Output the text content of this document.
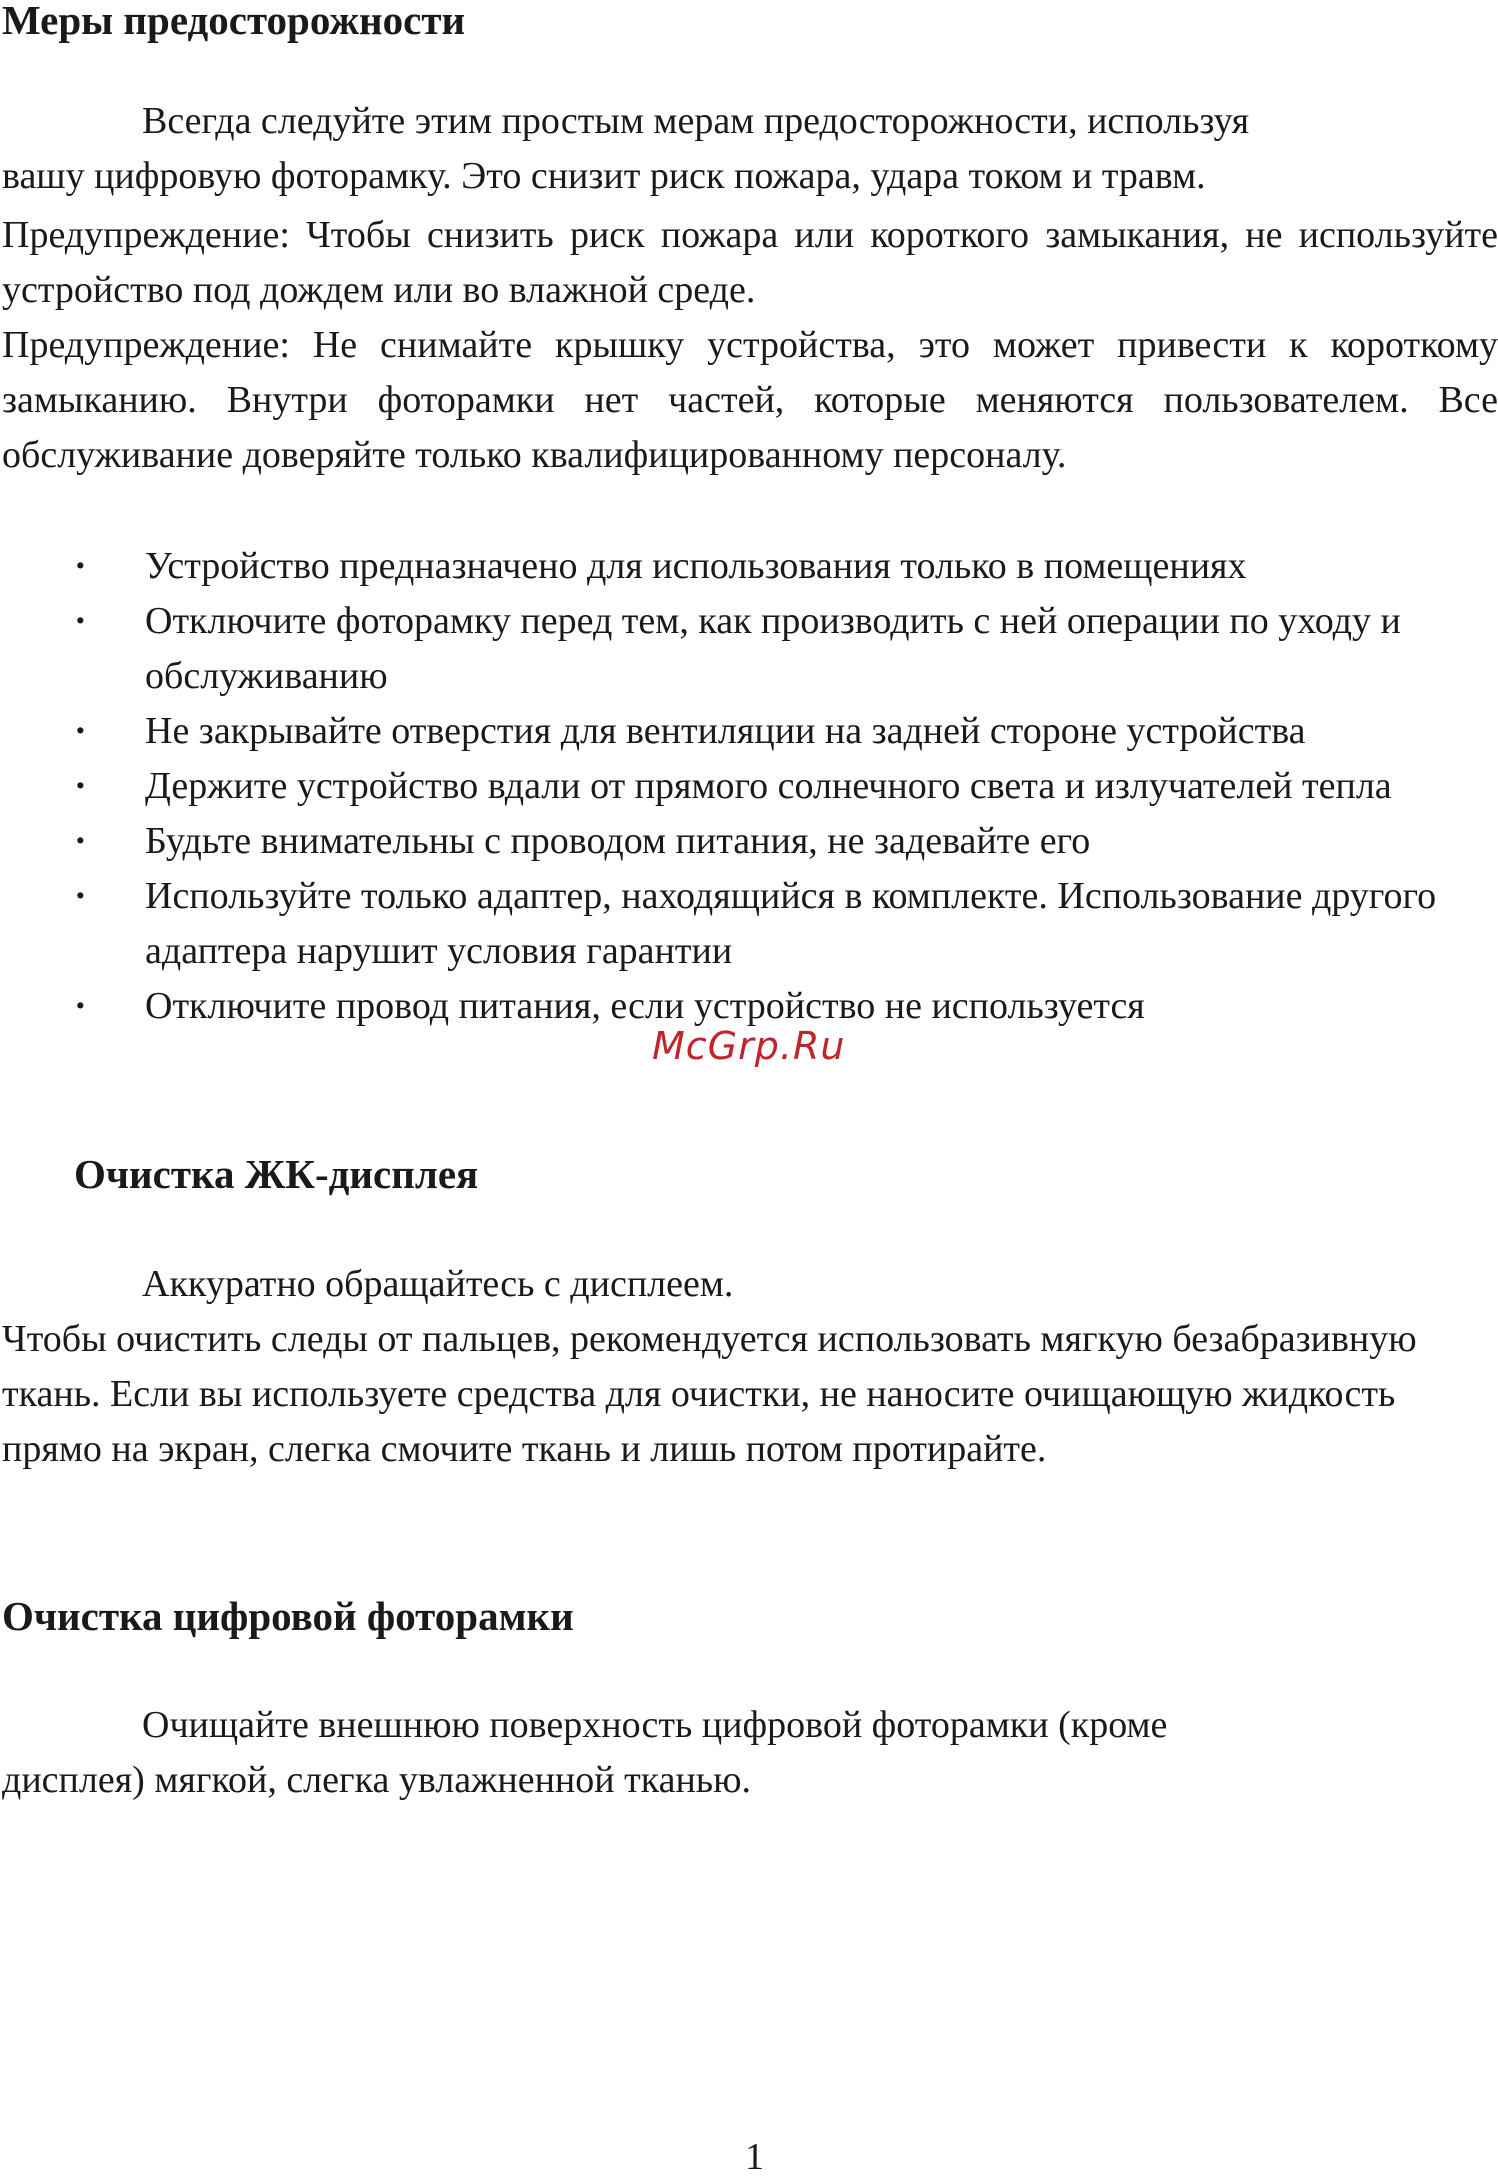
Меры предосторожности

Всегда следуйте этим простым мерам предосторожности, используя
вашу цифровую фоторамку. Это снизит риск пожара, удара током и травм.

Предупреждение: Чтобы снизить риск пожара или короткого замыкания, не используйте устройство под дождем или во влажной среде.

Предупреждение: Не снимайте крышку устройства, это может привести к короткому замыканию. Внутри фоторамки нет частей, которые меняются пользователем. Все обслуживание доверяйте только квалифицированному персоналу.

· Устройство предназначено для использования только в помещениях
· Отключите фоторамку перед тем, как производить с ней операции по уходу и обслуживанию
· Не закрывайте отверстия для вентиляции на задней стороне устройства
· Держите устройство вдали от прямого солнечного света и излучателей тепла
· Будьте внимательны с проводом питания, не задевайте его
· Используйте только адаптер, находящийся в комплекте. Использование другого адаптера нарушит условия гарантии
· Отключите провод питания, если устройство не используется
McGrp.Ru
Очистка ЖК-дисплея

Аккуратно обращайтесь с дисплеем.

Чтобы очистить следы от пальцев, рекомендуется использовать мягкую безабразивную ткань. Если вы используете средства для очистки, не наносите очищающую жидкость прямо на экран, слегка смочите ткань и лишь потом протирайте.

Очистка цифровой фоторамки

Очищайте внешнюю поверхность цифровой фоторамки (кроме
дисплея) мягкой, слегка увлажненной тканью.

1
